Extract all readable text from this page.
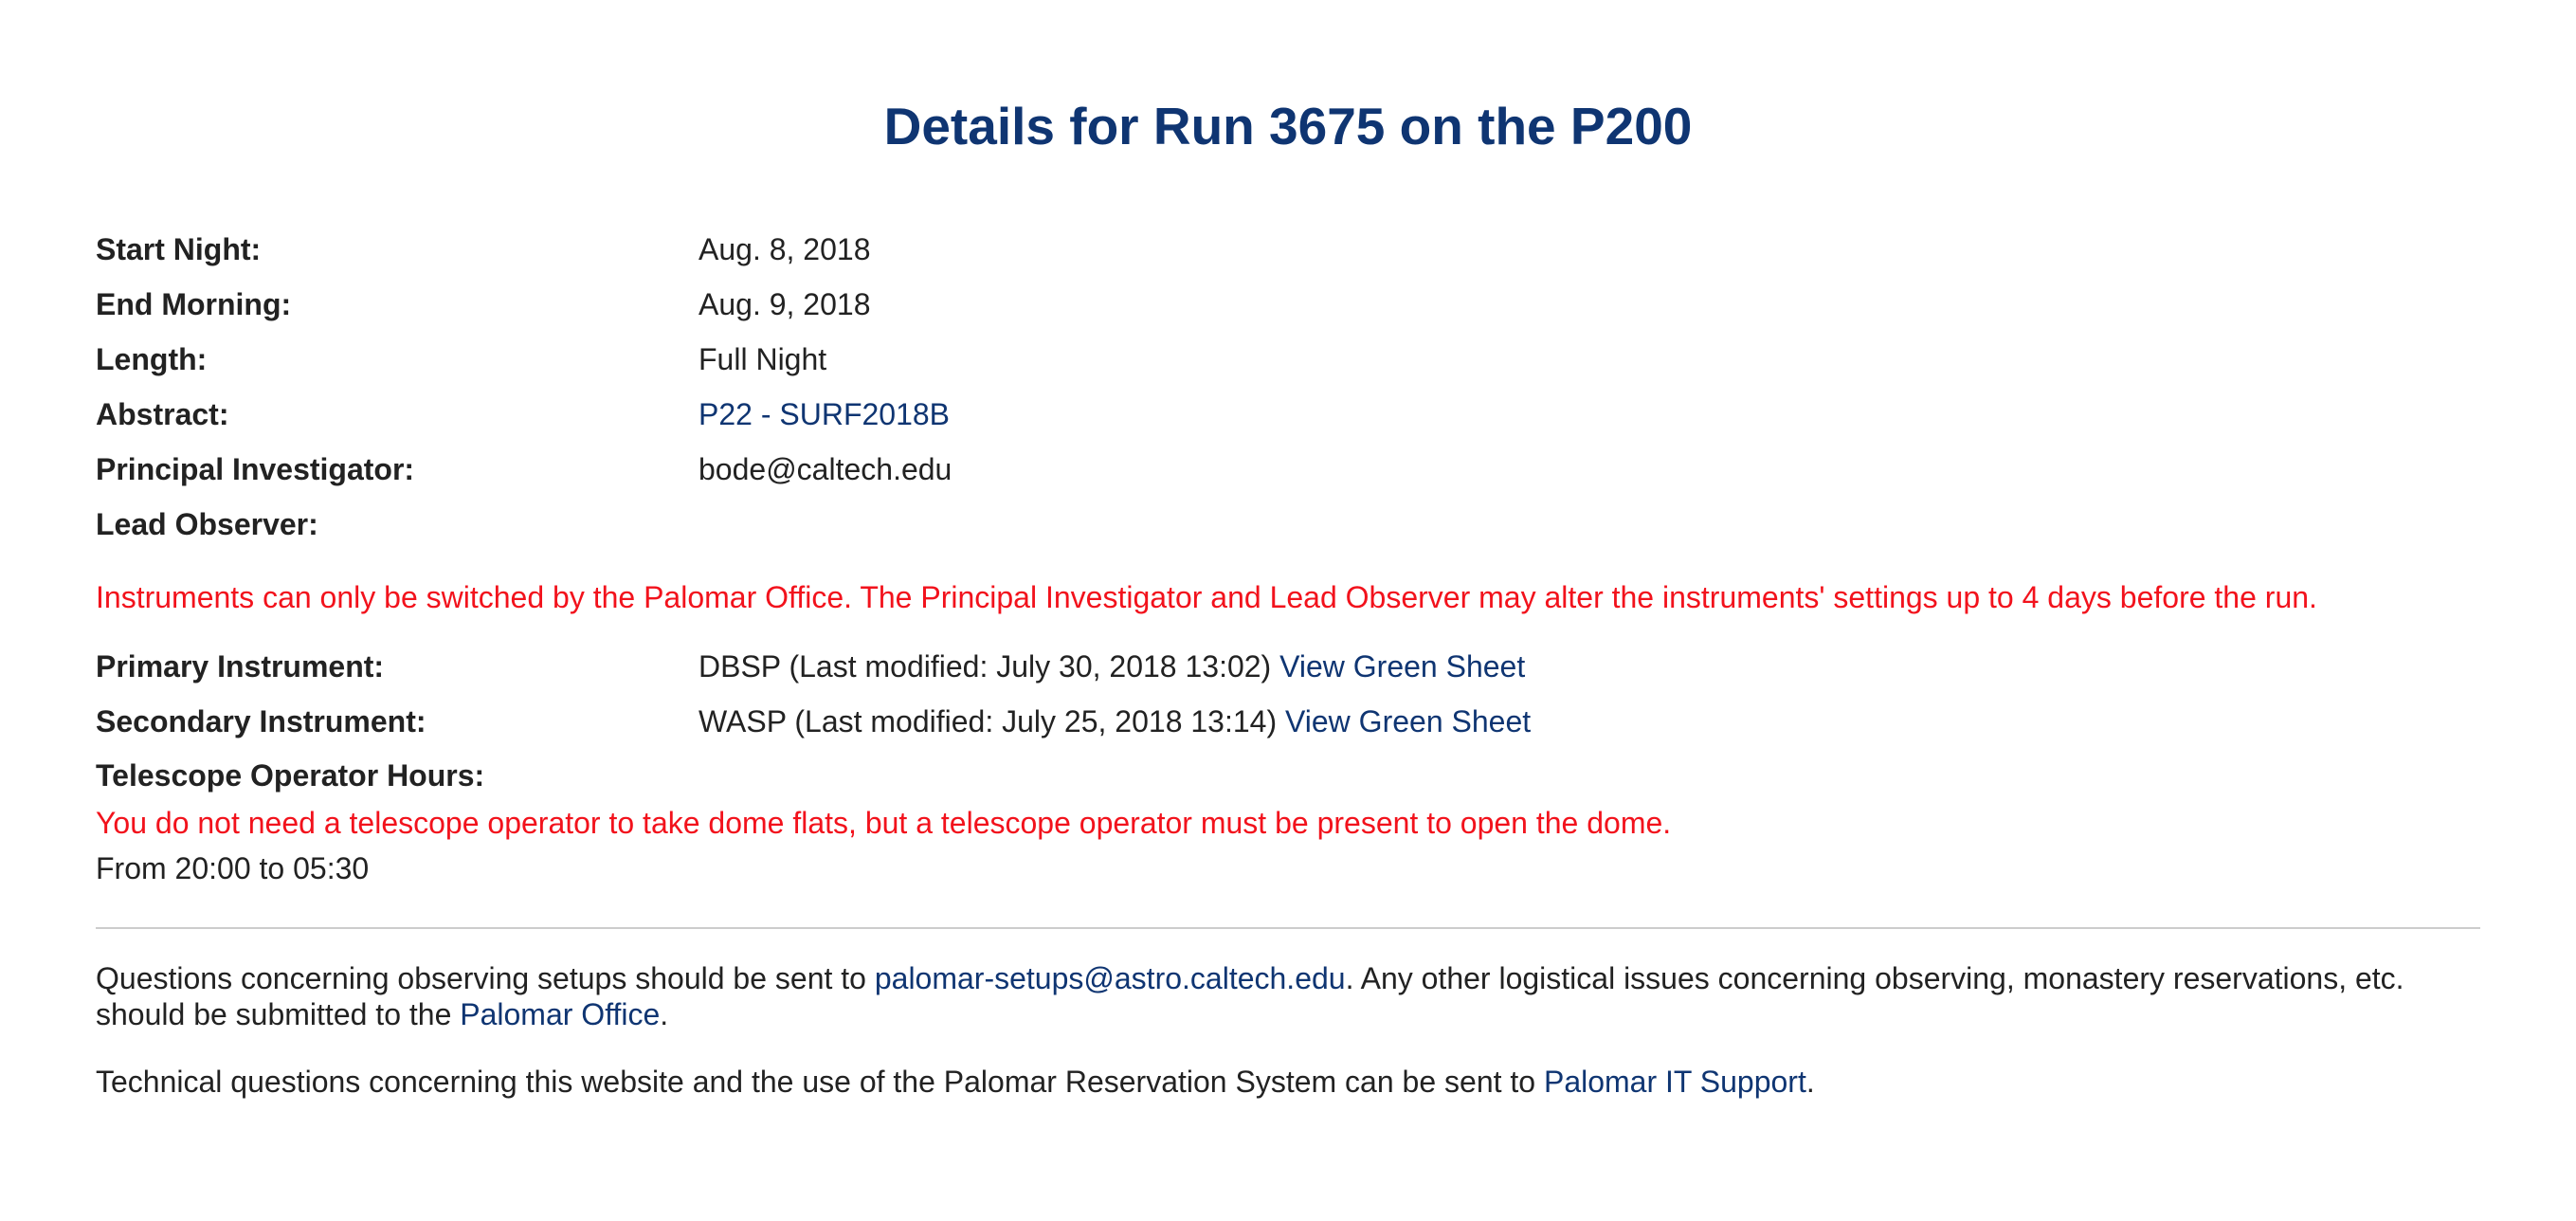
Details for Run 3675 on the P200
Start Night:	Aug. 8, 2018
End Morning:	Aug. 9, 2018
Length:	Full Night
Abstract:	P22 - SURF2018B
Principal Investigator:	bode@caltech.edu
Lead Observer:
Instruments can only be switched by the Palomar Office. The Principal Investigator and Lead Observer may alter the instruments' settings up to 4 days before the run.
Primary Instrument:	DBSP (Last modified: July 30, 2018 13:02) View Green Sheet
Secondary Instrument:	WASP (Last modified: July 25, 2018 13:14) View Green Sheet
Telescope Operator Hours:
You do not need a telescope operator to take dome flats, but a telescope operator must be present to open the dome.
From 20:00 to 05:30

Questions concerning observing setups should be sent to palomar-setups@astro.caltech.edu. Any other logistical issues concerning observing, monastery reservations, etc. should be submitted to the Palomar Office.

Technical questions concerning this website and the use of the Palomar Reservation System can be sent to Palomar IT Support.
